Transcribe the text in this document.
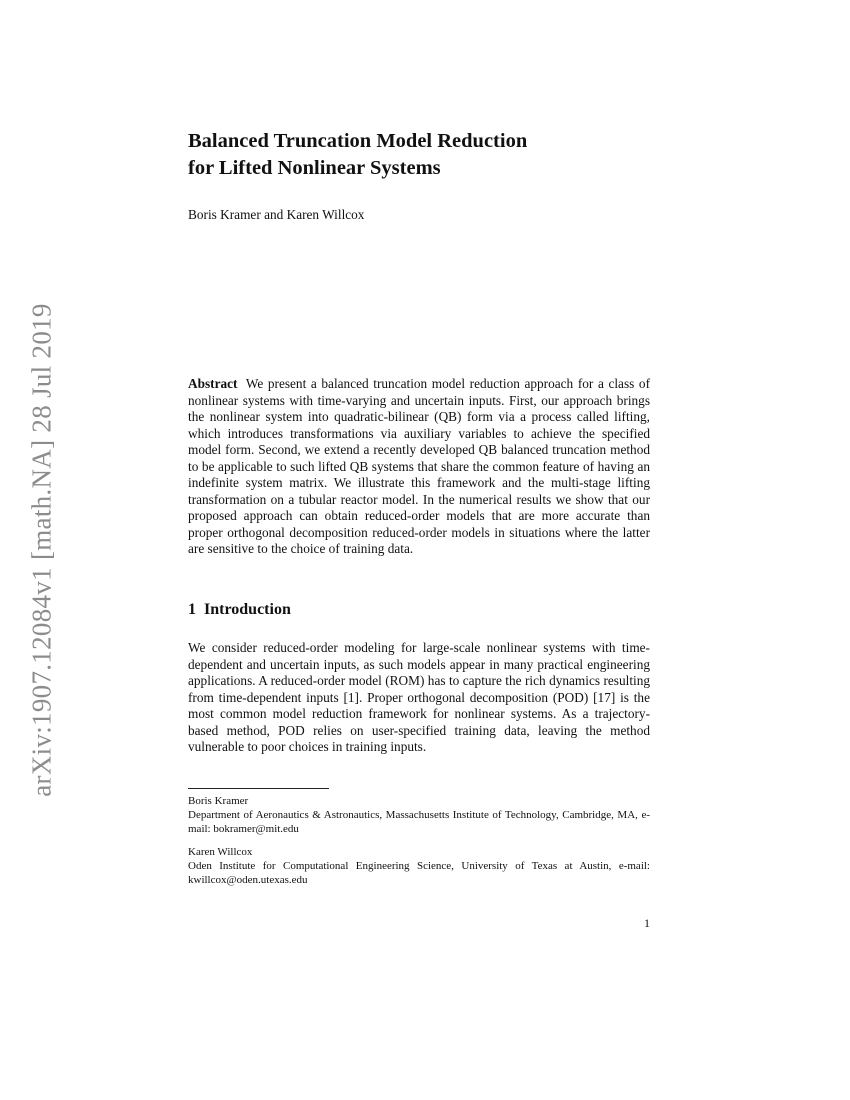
arXiv:1907.12084v1 [math.NA] 28 Jul 2019
Balanced Truncation Model Reduction
for Lifted Nonlinear Systems
Boris Kramer and Karen Willcox

Abstract We present a balanced truncation model reduction approach for a class of nonlinear systems with time-varying and uncertain inputs. First, our approach brings the nonlinear system into quadratic-bilinear (QB) form via a process called lifting, which introduces transformations via auxiliary variables to achieve the specified model form. Second, we extend a recently developed QB balanced truncation method to be applicable to such lifted QB systems that share the common feature of having an indefinite system matrix. We illustrate this framework and the multi-stage lifting transformation on a tubular reactor model. In the numerical results we show that our proposed approach can obtain reduced-order models that are more accurate than proper orthogonal decomposition reduced-order models in situations where the latter are sensitive to the choice of training data.

1 Introduction

We consider reduced-order modeling for large-scale nonlinear systems with time-dependent and uncertain inputs, as such models appear in many practical engineering applications. A reduced-order model (ROM) has to capture the rich dynamics resulting from time-dependent inputs [1]. Proper orthogonal decomposition (POD) [17] is the most common model reduction framework for nonlinear systems. As a trajectory-based method, POD relies on user-specified training data, leaving the method vulnerable to poor choices in training inputs.

Boris Kramer
Department of Aeronautics & Astronautics, Massachusetts Institute of Technology, Cambridge, MA, e-mail: bokramer@mit.edu
Karen Willcox
Oden Institute for Computational Engineering Science, University of Texas at Austin, e-mail: kwillcox@oden.utexas.edu
1
